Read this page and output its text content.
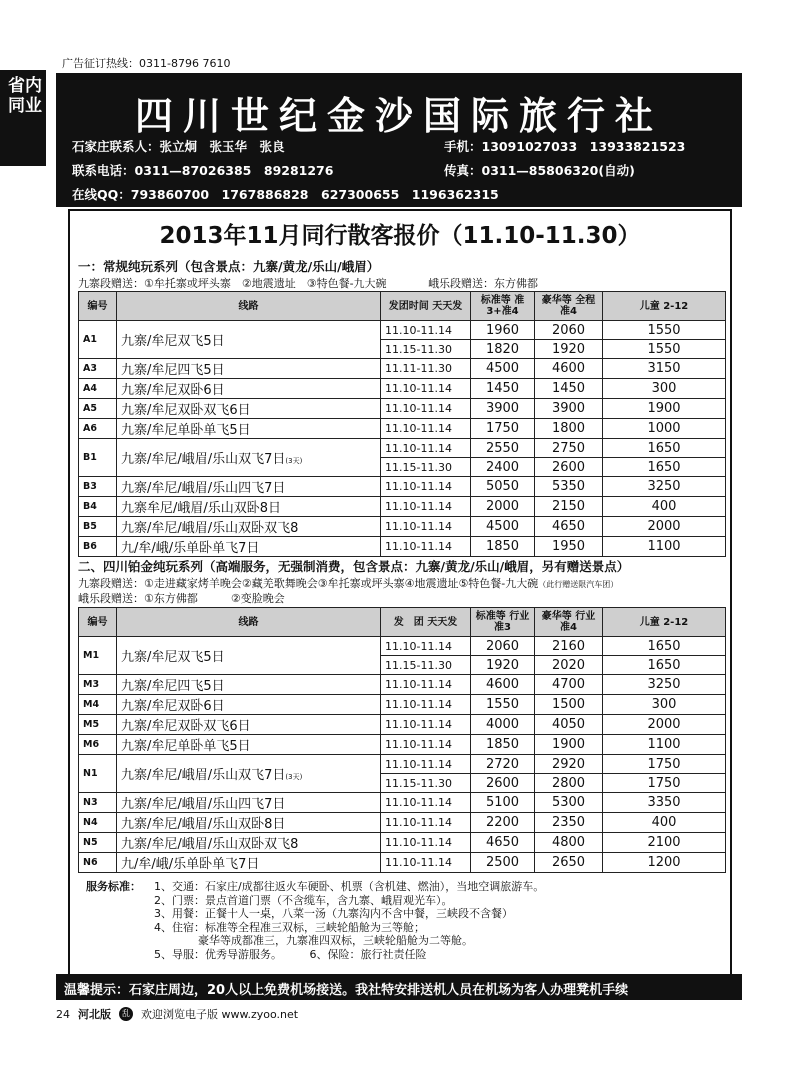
广告征订热线：0311-8796 7610
省内
同业	四川世纪金沙国际旅行社
石家庄联系人：张立炯　张玉华　张良	手机：13091027033　13933821523
联系电话：0311—87026385　89281276	传真：0311—85806320(自动)
在线QQ：793860700　1767886828　627300655　1196362315
2013年11月同行散客报价（11.10-11.30）
一：常规纯玩系列（包含景点：九寨/黄龙/乐山/峨眉）
九寨段赠送：①牟托寨或坪头寨　②地震遗址　③特色餐-九大碗	峨乐段赠送：东方佛都
编号	线路	发团时间 天天发	标准等 准3+准4	豪华等 全程准4	儿童 2-12
A1	九寨/牟尼双飞5日	11.10-11.14	1960	2060	1550
		11.15-11.30	1820	1920	1550
A3	九寨/牟尼四飞5日	11.11-11.30	4500	4600	3150
A4	九寨/牟尼双卧6日	11.10-11.14	1450	1450	300
A5	九寨/牟尼双卧双飞6日	11.10-11.14	3900	3900	1900
A6	九寨/牟尼单卧单飞5日	11.10-11.14	1750	1800	1000
B1	九寨/牟尼/峨眉/乐山双飞7日(3天)	11.10-11.14	2550	2750	1650
		11.15-11.30	2400	2600	1650
B3	九寨/牟尼/峨眉/乐山四飞7日	11.10-11.14	5050	5350	3250
B4	九寨牟尼/峨眉/乐山双卧8日	11.10-11.14	2000	2150	400
B5	九寨/牟尼/峨眉/乐山双卧双飞8	11.10-11.14	4500	4650	2000
B6	九/牟/峨/乐单卧单飞7日	11.10-11.14	1850	1950	1100
二、四川铂金纯玩系列（高端服务，无强制消费，包含景点：九寨/黄龙/乐山/峨眉，另有赠送景点）
九寨段赠送：①走进藏家烤羊晚会②藏羌歌舞晚会③牟托寨或坪头寨④地震遗址⑤特色餐-九大碗（此行赠送限汽车团）
峨乐段赠送：①东方佛都　　　②变脸晚会
编号	线路	发　团 天天发	标准等 行业准3	豪华等 行业准4	儿童 2-12
M1	九寨/牟尼双飞5日	11.10-11.14	2060	2160	1650
		11.15-11.30	1920	2020	1650
M3	九寨/牟尼四飞5日	11.10-11.14	4600	4700	3250
M4	九寨/牟尼双卧6日	11.10-11.14	1550	1500	300
M5	九寨/牟尼双卧双飞6日	11.10-11.14	4000	4050	2000
M6	九寨/牟尼单卧单飞5日	11.10-11.14	1850	1900	1100
N1	九寨/牟尼/峨眉/乐山双飞7日(3天)	11.10-11.14	2720	2920	1750
		11.15-11.30	2600	2800	1750
N3	九寨/牟尼/峨眉/乐山四飞7日	11.10-11.14	5100	5300	3350
N4	九寨/牟尼/峨眉/乐山双卧8日	11.10-11.14	2200	2350	400
N5	九寨/牟尼/峨眉/乐山双卧双飞8	11.10-11.14	4650	4800	2100
N6	九/牟/峨/乐单卧单飞7日	11.10-11.14	2500	2650	1200
服务标准：	1、交通：石家庄/成都往返火车硬卧、机票（含机建、燃油），当地空调旅游车。
2、门票：景点首道门票（不含缆车，含九寨、峨眉观光车）。
3、用餐：正餐十人一桌，八菜一汤（九寨沟内不含中餐，三峡段不含餐）
4、住宿：标准等全程准三双标，三峡轮船舱为三等舱；
　　　　豪华等成都准三，九寨准四双标，三峡轮船舱为二等舱。
5、导服：优秀导游服务。　　　6、保险：旅行社责任险
温馨提示：石家庄周边，20人以上免费机场接送。我社特安排送机人员在机场为客人办理凳机手续
24 河北版	乱 欢迎浏览电子版 www.zyoo.net
